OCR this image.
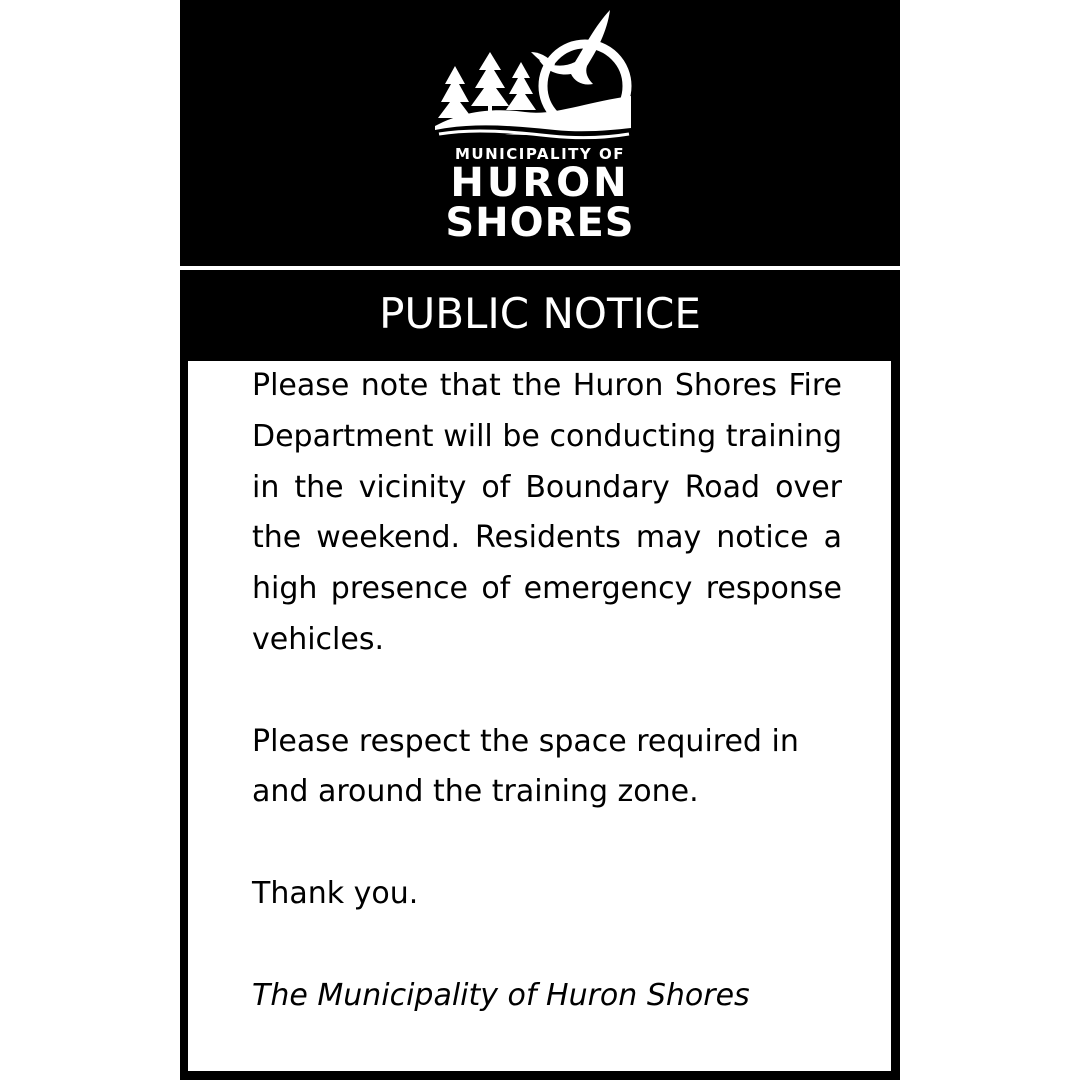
MUNICIPALITY OF
HURON
SHORES
PUBLIC NOTICE

Please note that the Huron Shores Fire Department will be conducting training in the vicinity of Boundary Road over the weekend. Residents may notice a high presence of emergency response vehicles.

Please respect the space required in and around the training zone.

Thank you.

The Municipality of Huron Shores
